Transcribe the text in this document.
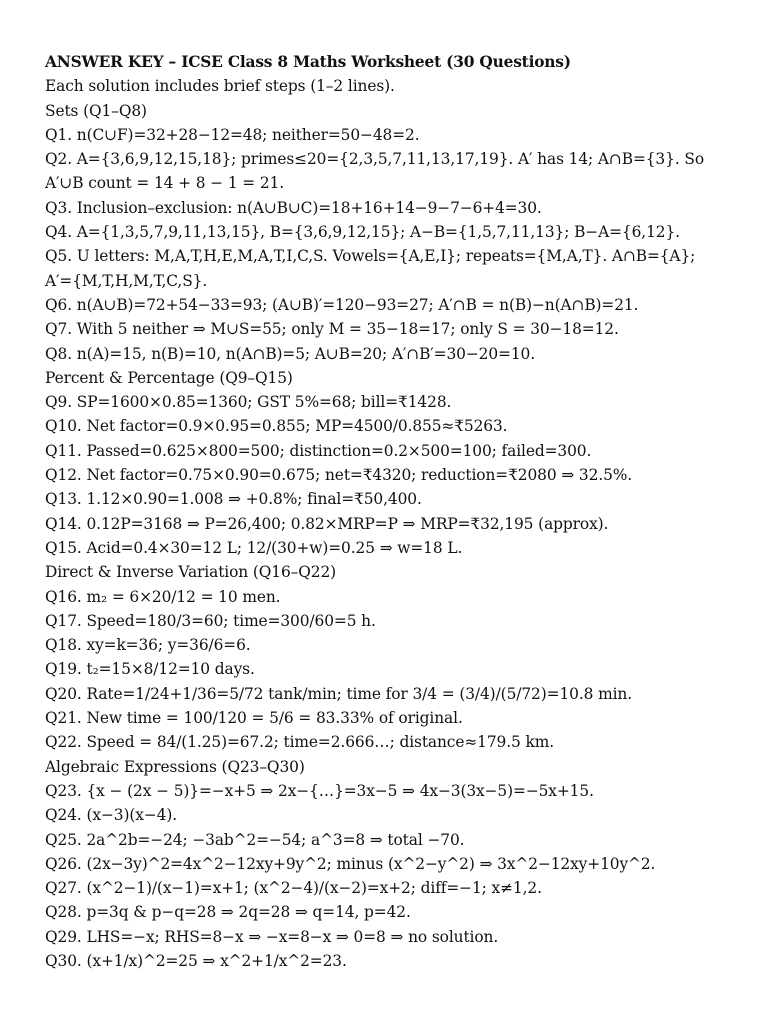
ANSWER KEY – ICSE Class 8 Maths Worksheet (30 Questions)
Each solution includes brief steps (1–2 lines).
Sets (Q1–Q8)
Q1. n(C∪F)=32+28−12=48; neither=50−48=2.
Q2. A={3,6,9,12,15,18}; primes≤20={2,3,5,7,11,13,17,19}. A′ has 14; A∩B={3}. So
A′∪B count = 14 + 8 − 1 = 21.
Q3. Inclusion–exclusion: n(A∪B∪C)=18+16+14−9−7−6+4=30.
Q4. A={1,3,5,7,9,11,13,15}, B={3,6,9,12,15}; A−B={1,5,7,11,13}; B−A={6,12}.
Q5. U letters: M,A,T,H,E,M,A,T,I,C,S. Vowels={A,E,I}; repeats={M,A,T}. A∩B={A};
A′={M,T,H,M,T,C,S}.
Q6. n(A∪B)=72+54−33=93; (A∪B)′=120−93=27; A′∩B = n(B)−n(A∩B)=21.
Q7. With 5 neither ⇒ M∪S=55; only M = 35−18=17; only S = 30−18=12.
Q8. n(A)=15, n(B)=10, n(A∩B)=5; A∪B=20; A′∩B′=30−20=10.
Percent & Percentage (Q9–Q15)
Q9. SP=1600×0.85=1360; GST 5%=68; bill=₹1428.
Q10. Net factor=0.9×0.95=0.855; MP=4500/0.855≈₹5263.
Q11. Passed=0.625×800=500; distinction=0.2×500=100; failed=300.
Q12. Net factor=0.75×0.90=0.675; net=₹4320; reduction=₹2080 ⇒ 32.5%.
Q13. 1.12×0.90=1.008 ⇒ +0.8%; final=₹50,400.
Q14. 0.12P=3168 ⇒ P=26,400; 0.82×MRP=P ⇒ MRP=₹32,195 (approx).
Q15. Acid=0.4×30=12 L; 12/(30+w)=0.25 ⇒ w=18 L.
Direct & Inverse Variation (Q16–Q22)
Q16. m₂ = 6×20/12 = 10 men.
Q17. Speed=180/3=60; time=300/60=5 h.
Q18. xy=k=36; y=36/6=6.
Q19. t₂=15×8/12=10 days.
Q20. Rate=1/24+1/36=5/72 tank/min; time for 3/4 = (3/4)/(5/72)=10.8 min.
Q21. New time = 100/120 = 5/6 = 83.33% of original.
Q22. Speed = 84/(1.25)=67.2; time=2.666…; distance≈179.5 km.
Algebraic Expressions (Q23–Q30)
Q23. {x − (2x − 5)}=−x+5 ⇒ 2x−{…}=3x−5 ⇒ 4x−3(3x−5)=−5x+15.
Q24. (x−3)(x−4).
Q25. 2a^2b=−24; −3ab^2=−54; a^3=8 ⇒ total −70.
Q26. (2x−3y)^2=4x^2−12xy+9y^2; minus (x^2−y^2) ⇒ 3x^2−12xy+10y^2.
Q27. (x^2−1)/(x−1)=x+1; (x^2−4)/(x−2)=x+2; diff=−1; x≠1,2.
Q28. p=3q & p−q=28 ⇒ 2q=28 ⇒ q=14, p=42.
Q29. LHS=−x; RHS=8−x ⇒ −x=8−x ⇒ 0=8 ⇒ no solution.
Q30. (x+1/x)^2=25 ⇒ x^2+1/x^2=23.
